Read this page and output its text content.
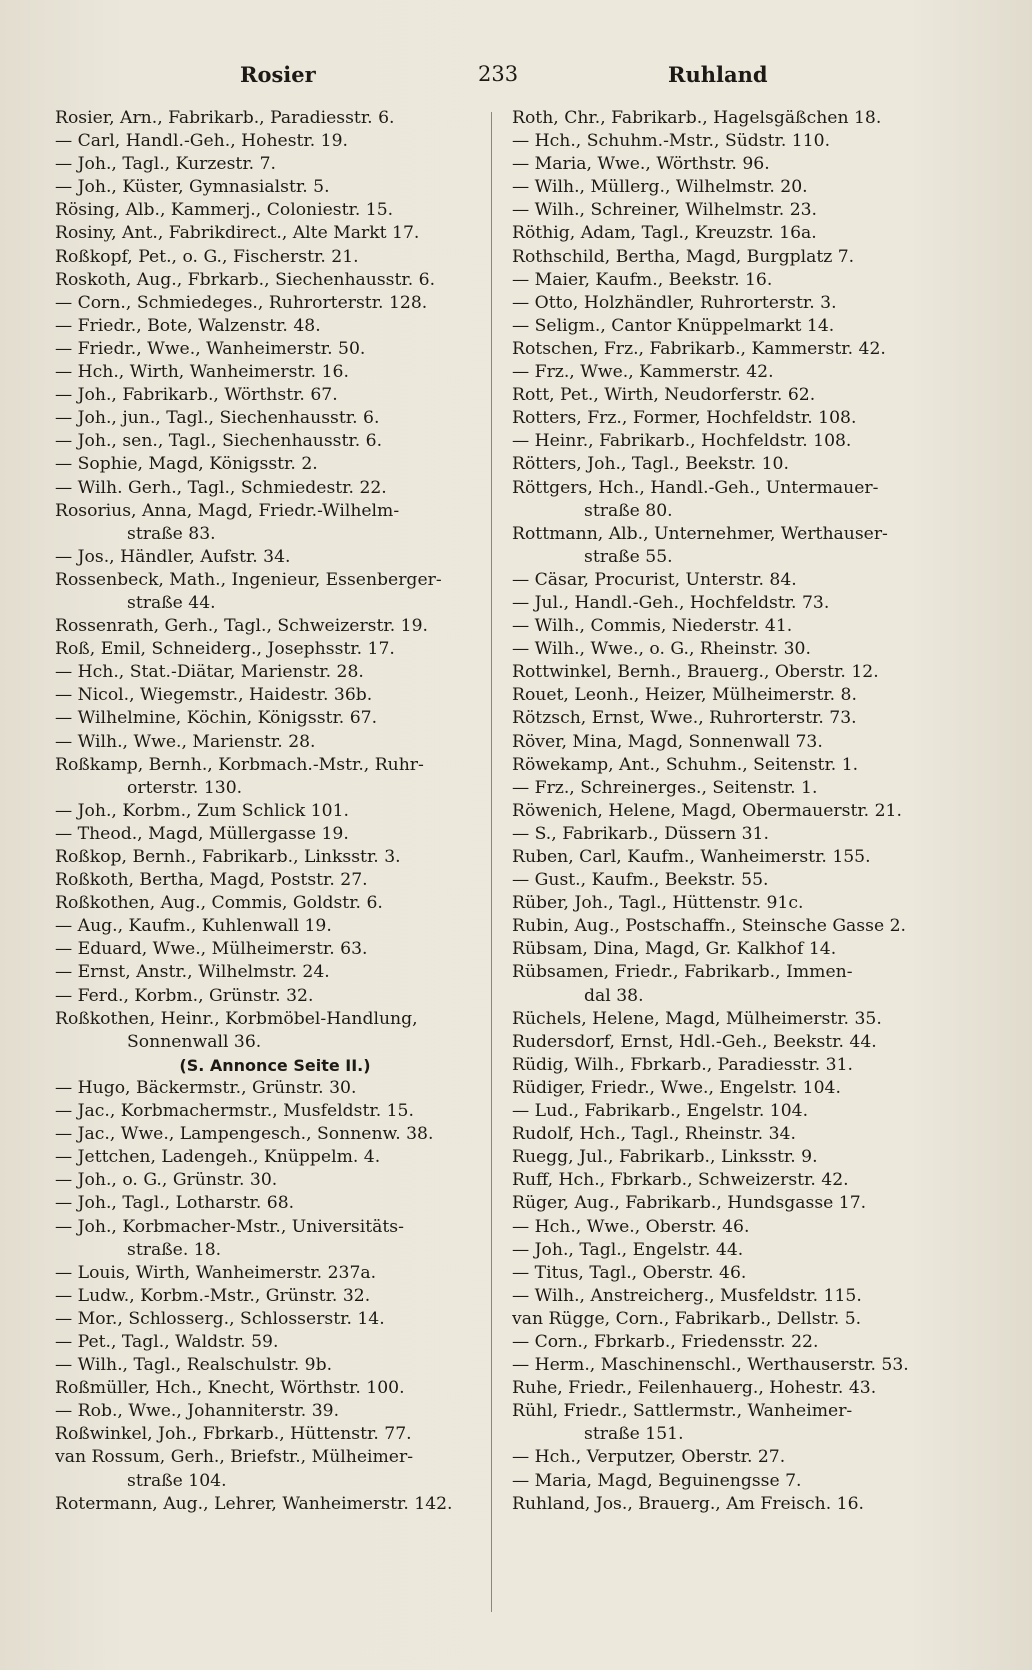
Rosier	233	Ruhland
Rosier, Arn., Fabrikarb., Paradiesstr. 6.
— Carl, Handl.-Geh., Hohestr. 19.
— Joh., Tagl., Kurzestr. 7.
— Joh., Küster, Gymnasialstr. 5.
Rösing, Alb., Kammerj., Coloniestr. 15.
Rosiny, Ant., Fabrikdirect., Alte Markt 17.
Roßkopf, Pet., o. G., Fischerstr. 21.
Roskoth, Aug., Fbrkarb., Siechenhausstr. 6.
— Corn., Schmiedeges., Ruhrorterstr. 128.
— Friedr., Bote, Walzenstr. 48.
— Friedr., Wwe., Wanheimerstr. 50.
— Hch., Wirth, Wanheimerstr. 16.
— Joh., Fabrikarb., Wörthstr. 67.
— Joh., jun., Tagl., Siechenhausstr. 6.
— Joh., sen., Tagl., Siechenhausstr. 6.
— Sophie, Magd, Königsstr. 2.
— Wilh. Gerh., Tagl., Schmiedestr. 22.
Rosorius, Anna, Magd, Friedr.-Wilhelm-
straße 83.
— Jos., Händler, Aufstr. 34.
Rossenbeck, Math., Ingenieur, Essenberger-
straße 44.
Rossenrath, Gerh., Tagl., Schweizerstr. 19.
Roß, Emil, Schneiderg., Josephsstr. 17.
— Hch., Stat.-Diätar, Marienstr. 28.
— Nicol., Wiegemstr., Haidestr. 36b.
— Wilhelmine, Köchin, Königsstr. 67.
— Wilh., Wwe., Marienstr. 28.
Roßkamp, Bernh., Korbmach.-Mstr., Ruhr-
orterstr. 130.
— Joh., Korbm., Zum Schlick 101.
— Theod., Magd, Müllergasse 19.
Roßkop, Bernh., Fabrikarb., Linksstr. 3.
Roßkoth, Bertha, Magd, Poststr. 27.
Roßkothen, Aug., Commis, Goldstr. 6.
— Aug., Kaufm., Kuhlenwall 19.
— Eduard, Wwe., Mülheimerstr. 63.
— Ernst, Anstr., Wilhelmstr. 24.
— Ferd., Korbm., Grünstr. 32.
Roßkothen, Heinr., Korbmöbel-Handlung,
Sonnenwall 36.
(S. Annonce Seite II.)
— Hugo, Bäckermstr., Grünstr. 30.
— Jac., Korbmachermstr., Musfeldstr. 15.
— Jac., Wwe., Lampengesch., Sonnenw. 38.
— Jettchen, Ladengeh., Knüppelm. 4.
— Joh., o. G., Grünstr. 30.
— Joh., Tagl., Lotharstr. 68.
— Joh., Korbmacher-Mstr., Universitäts-
straße. 18.
— Louis, Wirth, Wanheimerstr. 237a.
— Ludw., Korbm.-Mstr., Grünstr. 32.
— Mor., Schlosserg., Schlosserstr. 14.
— Pet., Tagl., Waldstr. 59.
— Wilh., Tagl., Realschulstr. 9b.
Roßmüller, Hch., Knecht, Wörthstr. 100.
— Rob., Wwe., Johanniterstr. 39.
Roßwinkel, Joh., Fbrkarb., Hüttenstr. 77.
van Rossum, Gerh., Briefstr., Mülheimer-
straße 104.
Rotermann, Aug., Lehrer, Wanheimerstr. 142.
Roth, Chr., Fabrikarb., Hagelsgäßchen 18.
— Hch., Schuhm.-Mstr., Südstr. 110.
— Maria, Wwe., Wörthstr. 96.
— Wilh., Müllerg., Wilhelmstr. 20.
— Wilh., Schreiner, Wilhelmstr. 23.
Röthig, Adam, Tagl., Kreuzstr. 16a.
Rothschild, Bertha, Magd, Burgplatz 7.
— Maier, Kaufm., Beekstr. 16.
— Otto, Holzhändler, Ruhrorterstr. 3.
— Seligm., Cantor Knüppelmarkt 14.
Rotschen, Frz., Fabrikarb., Kammerstr. 42.
— Frz., Wwe., Kammerstr. 42.
Rott, Pet., Wirth, Neudorferstr. 62.
Rotters, Frz., Former, Hochfeldstr. 108.
— Heinr., Fabrikarb., Hochfeldstr. 108.
Rötters, Joh., Tagl., Beekstr. 10.
Röttgers, Hch., Handl.-Geh., Untermauer-
straße 80.
Rottmann, Alb., Unternehmer, Werthauser-
straße 55.
— Cäsar, Procurist, Unterstr. 84.
— Jul., Handl.-Geh., Hochfeldstr. 73.
— Wilh., Commis, Niederstr. 41.
— Wilh., Wwe., o. G., Rheinstr. 30.
Rottwinkel, Bernh., Brauerg., Oberstr. 12.
Rouet, Leonh., Heizer, Mülheimerstr. 8.
Rötzsch, Ernst, Wwe., Ruhrorterstr. 73.
Röver, Mina, Magd, Sonnenwall 73.
Röwekamp, Ant., Schuhm., Seitenstr. 1.
— Frz., Schreinerges., Seitenstr. 1.
Röwenich, Helene, Magd, Obermauerstr. 21.
— S., Fabrikarb., Düssern 31.
Ruben, Carl, Kaufm., Wanheimerstr. 155.
— Gust., Kaufm., Beekstr. 55.
Rüber, Joh., Tagl., Hüttenstr. 91c.
Rubin, Aug., Postschaffn., Steinsche Gasse 2.
Rübsam, Dina, Magd, Gr. Kalkhof 14.
Rübsamen, Friedr., Fabrikarb., Immen-
dal 38.
Rüchels, Helene, Magd, Mülheimerstr. 35.
Rudersdorf, Ernst, Hdl.-Geh., Beekstr. 44.
Rüdig, Wilh., Fbrkarb., Paradiesstr. 31.
Rüdiger, Friedr., Wwe., Engelstr. 104.
— Lud., Fabrikarb., Engelstr. 104.
Rudolf, Hch., Tagl., Rheinstr. 34.
Ruegg, Jul., Fabrikarb., Linksstr. 9.
Ruff, Hch., Fbrkarb., Schweizerstr. 42.
Rüger, Aug., Fabrikarb., Hundsgasse 17.
— Hch., Wwe., Oberstr. 46.
— Joh., Tagl., Engelstr. 44.
— Titus, Tagl., Oberstr. 46.
— Wilh., Anstreicherg., Musfeldstr. 115.
van Rügge, Corn., Fabrikarb., Dellstr. 5.
— Corn., Fbrkarb., Friedensstr. 22.
— Herm., Maschinenschl., Werthauserstr. 53.
Ruhe, Friedr., Feilenhauerg., Hohestr. 43.
Rühl, Friedr., Sattlermstr., Wanheimer-
straße 151.
— Hch., Verputzer, Oberstr. 27.
— Maria, Magd, Beguinengsse 7.
Ruhland, Jos., Brauerg., Am Freisch. 16.
